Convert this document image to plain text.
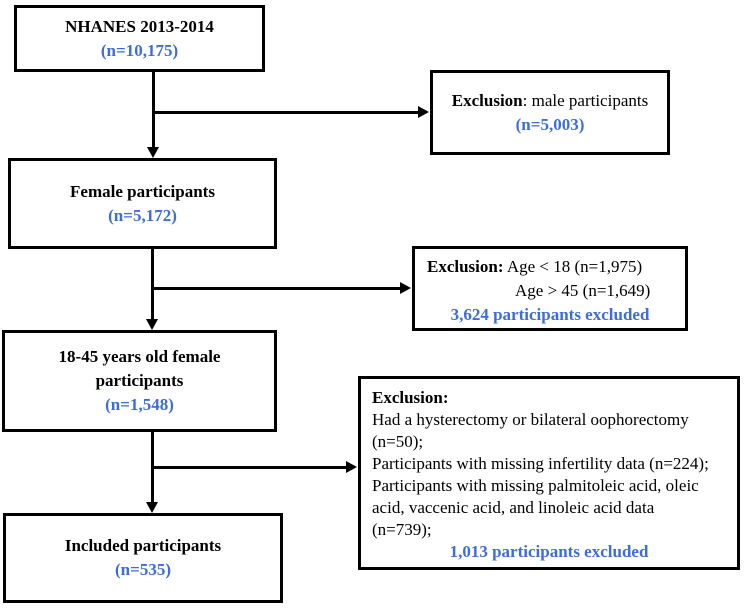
NHANES 2013-2014
(n=10,175)
Exclusion: male participants
(n=5,003)
Female participants
(n=5,172)
Exclusion: Age < 18 (n=1,975)
Age > 45 (n=1,649)
3,624 participants excluded
18-45 years old female participants
(n=1,548)	Exclusion:
Had a hysterectomy or bilateral oophorectomy
(n=50);
Participants with missing infertility data (n=224);
Participants with missing palmitoleic acid, oleic
acid, vaccenic acid, and linoleic acid data
(n=739);
1,013 participants excluded
Included participants
(n=535)
